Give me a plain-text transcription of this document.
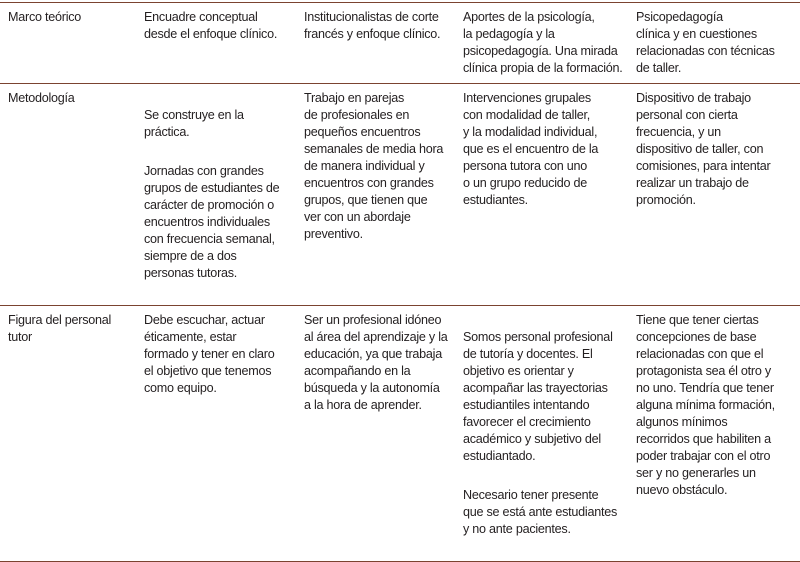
Marco teórico	Encuadre conceptual
desde el enfoque clínico.

Institucionalistas de corte
francés y enfoque clínico.

Aportes de la psicología,
la pedagogía y la
psicopedagogía. Una mirada
clínica propia de la formación.

Psicopedagogía
clínica y en cuestiones
relacionadas con técnicas
de taller.

Metodología

Se construye en la
práctica.

Jornadas con grandes
grupos de estudiantes de
carácter de promoción o
encuentros individuales
con frecuencia semanal,
siempre de a dos
personas tutoras.

Trabajo en parejas
de profesionales en
pequeños encuentros
semanales de media hora
de manera individual y
encuentros con grandes
grupos, que tienen que
ver con un abordaje
preventivo.

Intervenciones grupales
con modalidad de taller,
y la modalidad individual,
que es el encuentro de la
persona tutora con uno
o un grupo reducido de
estudiantes.

Dispositivo de trabajo
personal con cierta
frecuencia, y un
dispositivo de taller, con
comisiones, para intentar
realizar un trabajo de
promoción.

Figura del personal
tutor

Debe escuchar, actuar
éticamente, estar
formado y tener en claro
el objetivo que tenemos
como equipo.

Ser un profesional idóneo
al área del aprendizaje y la
educación, ya que trabaja
acompañando en la
búsqueda y la autonomía
a la hora de aprender.

Somos personal profesional
de tutoría y docentes. El
objetivo es orientar y
acompañar las trayectorias
estudiantiles intentando
favorecer el crecimiento
académico y subjetivo del
estudiantado.

Necesario tener presente
que se está ante estudiantes
y no ante pacientes.

Tiene que tener ciertas
concepciones de base
relacionadas con que el
protagonista sea él otro y
no uno. Tendría que tener
alguna mínima formación,
algunos mínimos
recorridos que habiliten a
poder trabajar con el otro
ser y no generarles un
nuevo obstáculo.
